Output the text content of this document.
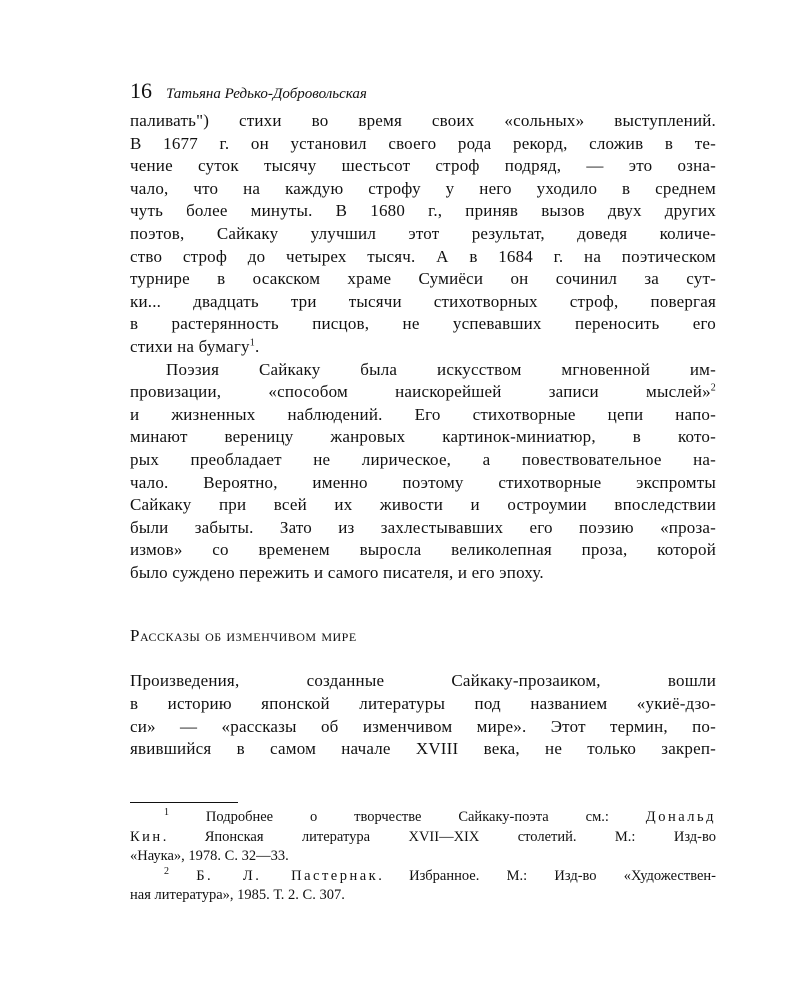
16 Татьяна Редько-Добровольская

паливать") стихи во время своих «сольных» выступлений.
В 1677 г. он установил своего рода рекорд, сложив в те-
чение суток тысячу шестьсот строф подряд, — это озна-
чало, что на каждую строфу у него уходило в среднем
чуть более минуты. В 1680 г., приняв вызов двух других
поэтов, Сайкаку улучшил этот результат, доведя количе-
ство строф до четырех тысяч. А в 1684 г. на поэтическом
турнире в осакском храме Сумиёси он сочинил за сут-
ки... двадцать три тысячи стихотворных строф, повергая
в растерянность писцов, не успевавших переносить его
стихи на бумагу$^1$.

Поэзия Сайкаку была искусством мгновенной им-
провизации, «способом наискорейшей записи мыслей»$^2$
и жизненных наблюдений. Его стихотворные цепи напо-
минают вереницу жанровых картинок-миниатюр, в кото-
рых преобладает не лирическое, а повествовательное на-
чало. Вероятно, именно поэтому стихотворные экспромты
Сайкаку при всей их живости и остроумии впоследствии
были забыты. Зато из захлестывавших его поэзию «проза-
измов» со временем выросла великолепная проза, которой
было суждено пережить и самого писателя, и его эпоху.

Рассказы об изменчивом мире

Произведения, созданные Сайкаку-прозаиком, вошли
в историю японской литературы под названием «укиё-дзо-
си» — «рассказы об изменчивом мире». Этот термин, по-
явившийся в самом начале XVIII века, не только закреп-

$^1$	Подробнее о творчестве Сайкаку-поэта см.: Дональд
Кин. Японская литература XVII—XIX столетий. М.: Изд-во
«Наука», 1978. С. 32—33.
$^2$ Б. Л. Пастернак. Избранное. М.: Изд-во «Художествен-
ная литература», 1985. Т. 2. С. 307.
